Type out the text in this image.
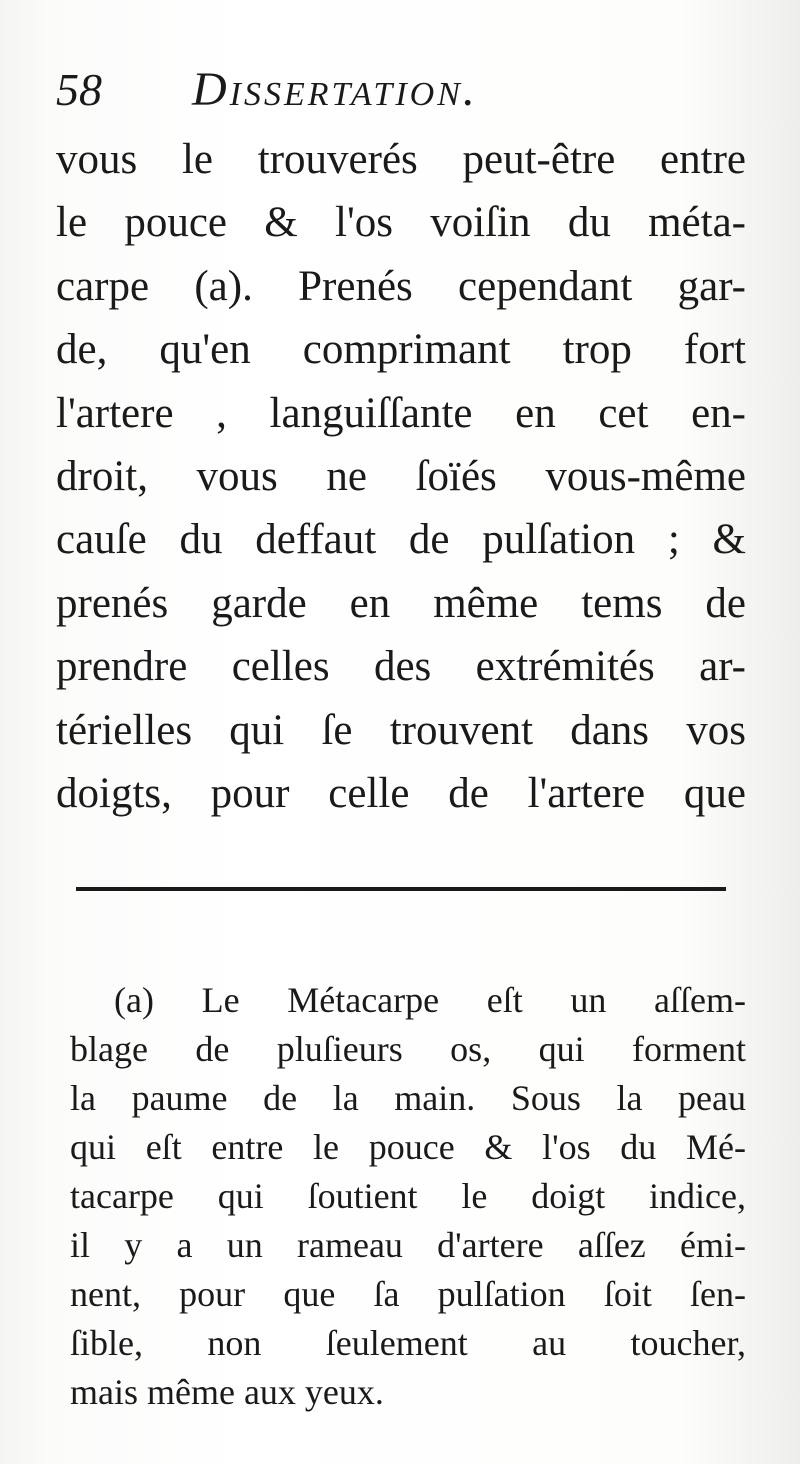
58 Dissertation.
vous le trouverés peut-être entre
le pouce & l'os voiſin du méta-
carpe (a). Prenés cependant gar-
de, qu'en comprimant trop fort
l'artere , languiſſante en cet en-
droit, vous ne ſoïés vous-même
cauſe du deffaut de pulſation ; &
prenés garde en même tems de
prendre celles des extrémités ar-
térielles qui ſe trouvent dans vos
doigts, pour celle de l'artere que
(a) Le Métacarpe eſt un aſſem-
blage de pluſieurs os, qui forment
la paume de la main. Sous la peau
qui eſt entre le pouce & l'os du Mé-
tacarpe qui ſoutient le doigt indice,
il y a un rameau d'artere aſſez émi-
nent, pour que ſa pulſation ſoit ſen-
ſible, non ſeulement au toucher,
mais même aux yeux.
